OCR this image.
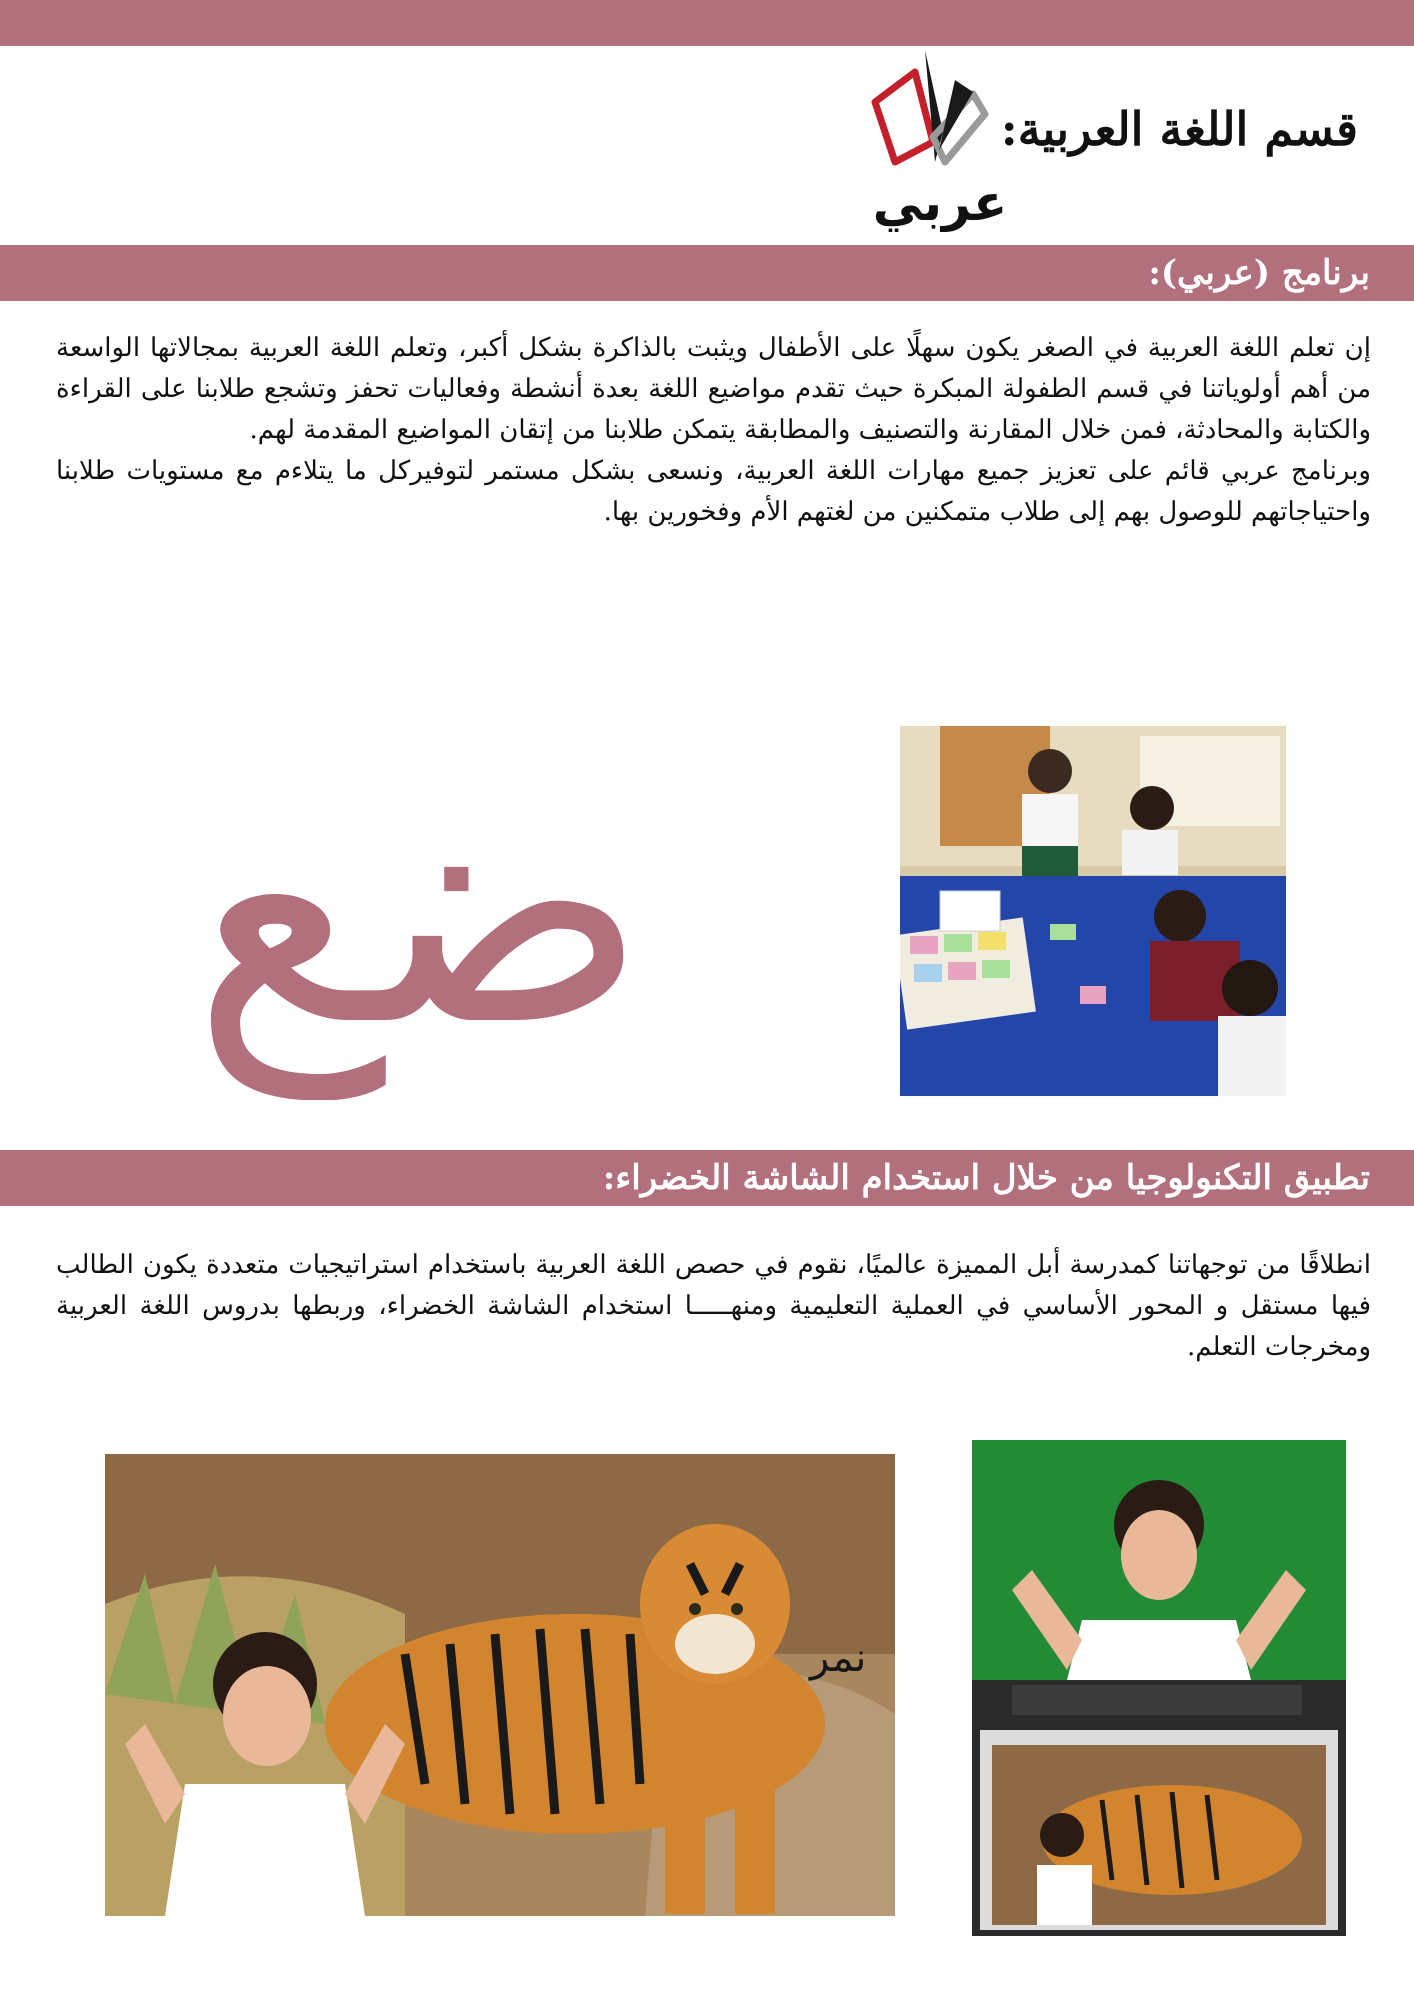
عربي
قسم اللغة العربية:
برنامج (عربي):

إن تعلم اللغة العربية في الصغر يكون سهلًا على الأطفال ويثبت بالذاكرة بشكل أكبر، وتعلم اللغة العربية بمجالاتها الواسعة من أهم أولوياتنا في قسم الطفولة المبكرة حيث تقدم مواضيع اللغة بعدة أنشطة وفعاليات تحفز وتشجع طلابنا على القراءة والكتابة والمحادثة، فمن خلال المقارنة والتصنيف والمطابقة يتمكن طلابنا من إتقان المواضيع المقدمة لهم.

وبرنامج عربي قائم على تعزيز جميع مهارات اللغة العربية، ونسعى بشكل مستمر لتوفيركل ما يتلاءم مع مستويات طلابنا واحتياجاتهم للوصول بهم إلى طلاب متمكنين من لغتهم الأم وفخورين بها.

ضع
تطبيق التكنولوجيا من خلال استخدام الشاشة الخضراء:

انطلاقًا من توجهاتنا كمدرسة أبل المميزة عالميًا، نقوم في حصص اللغة العربية باستخدام استراتيجيات متعددة يكون الطالب فيها مستقل و المحور الأساسي في العملية التعليمية ومنهـــــا استخدام الشاشة الخضراء، وربطها بدروس اللغة العربية ومخرجات التعلم.

نمر
